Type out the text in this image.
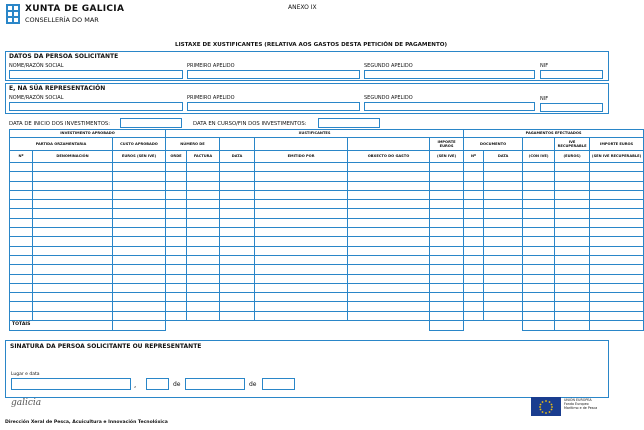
XUNTA DE GALICIA
CONSELLERÍA DO MAR
ANEXO IX
LISTAXE DE XUSTIFICANTES (RELATIVA AOS GASTOS DESTA PETICIÓN DE PAGAMENTO)
DATOS DA PERSOA SOLICITANTE
NOME/RAZÓN SOCIAL	PRIMEIRO APELIDO	SEGUNDO APELIDO	NIF
E, NA SÚA REPRESENTACIÓN
NOME/RAZÓN SOCIAL	PRIMEIRO APELIDO	SEGUNDO APELIDO	NIF
DATA DE INICIO DOS INVESTIMENTOS:	DATA EN CURSO/FIN DOS INVESTIMENTOS:
INVESTIMENTO APROBADO			XUSTIFICANTES						PAGAMENTOS EFECTUADOS				
PARTIDA ORZAMENTARIA		CUSTO APROBADO	NÚMERO DE					IMPORTE EUROS	DOCUMENTO			IVE RECUPERABLE	IMPORTE EUROS
Nº	DENOMINACIÓN	EUROS (SEN IVE)	ORDE	FACTURA	DATA	EMITIDO POR	OBXECTO DO GASTO	(SEN IVE)	Nº	DATA	(CON IVE)	(EUROS)	(SEN IVE RECUPERABLE)

TOTAIS													
SINATURA DA PERSOA SOLICITANTE OU REPRESENTANTE
Lugar e data
,	de	de
galicia	UNIÓN EUROPEA
Fondo Europeo
Marítimo e de Pesca
Dirección Xeral de Pesca, Acuicultura e Innovación Tecnolóxica
